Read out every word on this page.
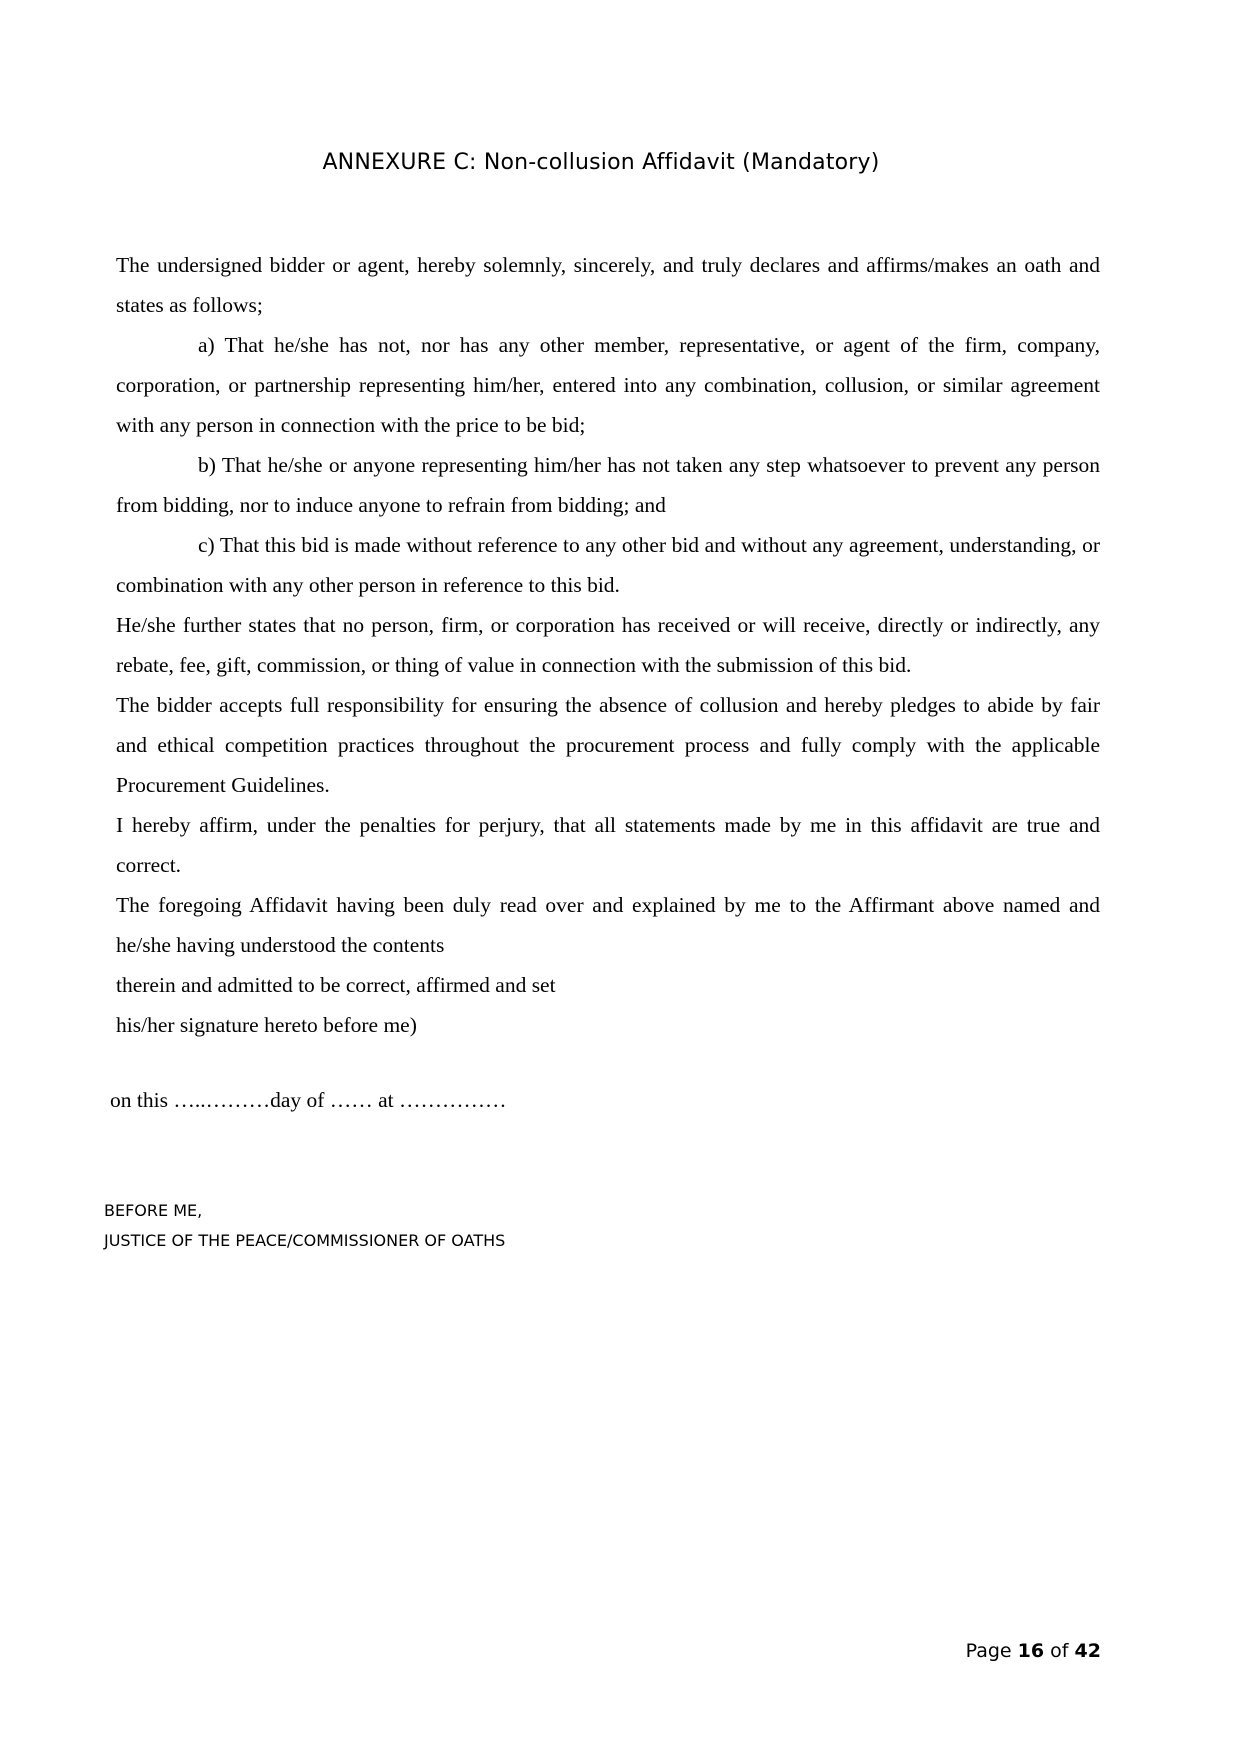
ANNEXURE C: Non-collusion Affidavit (Mandatory)

The undersigned bidder or agent, hereby solemnly, sincerely, and truly declares and affirms/makes an oath and states as follows;

a) That he/she has not, nor has any other member, representative, or agent of the firm, company, corporation, or partnership representing him/her, entered into any combination, collusion, or similar agreement with any person in connection with the price to be bid;

b) That he/she or anyone representing him/her has not taken any step whatsoever to prevent any person from bidding, nor to induce anyone to refrain from bidding; and

c) That this bid is made without reference to any other bid and without any agreement, understanding, or combination with any other person in reference to this bid.

He/she further states that no person, firm, or corporation has received or will receive, directly or indirectly, any rebate, fee, gift, commission, or thing of value in connection with the submission of this bid.

The bidder accepts full responsibility for ensuring the absence of collusion and hereby pledges to abide by fair and ethical competition practices throughout the procurement process and fully comply with the applicable Procurement Guidelines.

I hereby affirm, under the penalties for perjury, that all statements made by me in this affidavit are true and correct.

The foregoing Affidavit having been duly read over and explained by me to the Affirmant above named and he/she having understood the contents

therein and admitted to be correct, affirmed and set

his/her signature hereto before me)

on this …..………day of …… at ……………
BEFORE ME,
JUSTICE OF THE PEACE/COMMISSIONER OF OATHS
Page 16 of 42
